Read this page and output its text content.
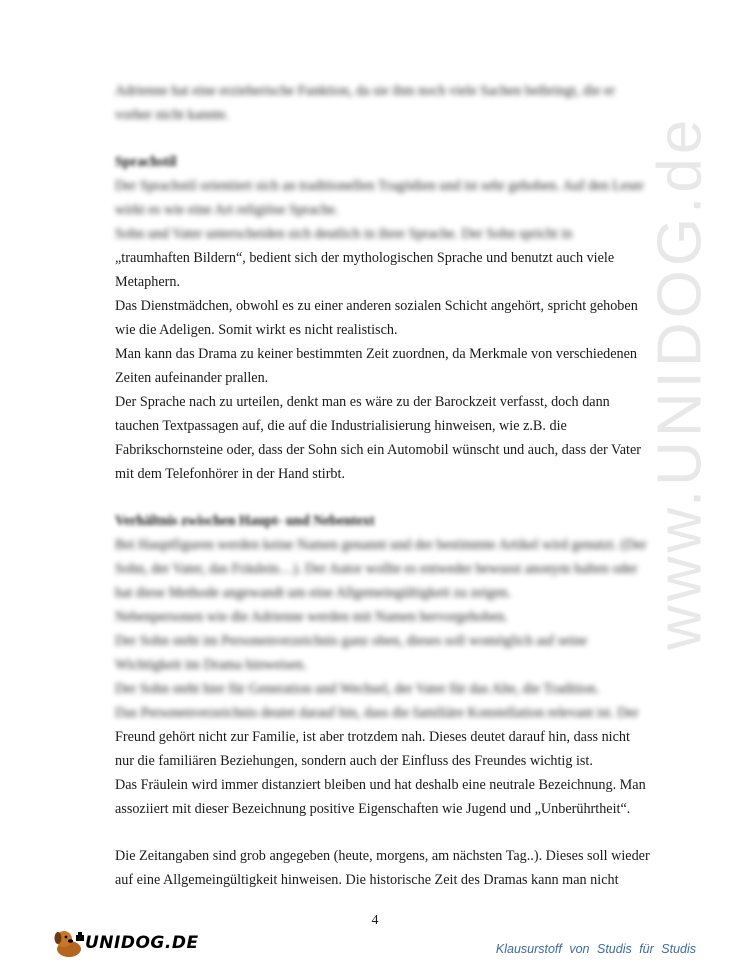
www.UNIDOG.de
Adrienne hat eine erzieherische Funktion, da sie ihm noch viele Sachen beibringt, die er
vorher nicht kannte.
Sprachstil
Der Sprachstil orientiert sich an traditionellen Tragödien und ist sehr gehoben. Auf den Leser
wirkt es wie eine Art religiöse Sprache.
Sohn und Vater unterscheiden sich deutlich in ihrer Sprache. Der Sohn spricht in
„traumhaften Bildern“, bedient sich der mythologischen Sprache und benutzt auch viele
Metaphern.
Das Dienstmädchen, obwohl es zu einer anderen sozialen Schicht angehört, spricht gehoben
wie die Adeligen. Somit wirkt es nicht realistisch.
Man kann das Drama zu keiner bestimmten Zeit zuordnen, da Merkmale von verschiedenen
Zeiten aufeinander prallen.
Der Sprache nach zu urteilen, denkt man es wäre zu der Barockzeit verfasst, doch dann
tauchen Textpassagen auf, die auf die Industrialisierung hinweisen, wie z.B. die
Fabrikschornsteine oder, dass der Sohn sich ein Automobil wünscht und auch, dass der Vater
mit dem Telefonhörer in der Hand stirbt.
Verhältnis zwischen Haupt- und Nebentext
Bei Hauptfiguren werden keine Namen genannt und der bestimmte Artikel wird genutzt. (Der
Sohn, der Vater, das Fräulein…). Der Autor wollte es entweder bewusst anonym halten oder
hat diese Methode angewandt um eine Allgemeingültigkeit zu zeigen.
Nebenpersonen wie die Adrienne werden mit Namen hervorgehoben.
Der Sohn steht im Personenverzeichnis ganz oben, dieses soll womöglich auf seine
Wichtigkeit im Drama hinweisen.
Der Sohn steht hier für Generation und Wechsel, der Vater für das Alte, die Tradition.
Das Personenverzeichnis deutet darauf hin, dass die familiäre Konstellation relevant ist. Der
Freund gehört nicht zur Familie, ist aber trotzdem nah. Dieses deutet darauf hin, dass nicht
nur die familiären Beziehungen, sondern auch der Einfluss des Freundes wichtig ist.
Das Fräulein wird immer distanziert bleiben und hat deshalb eine neutrale Bezeichnung. Man
assoziiert mit dieser Bezeichnung positive Eigenschaften wie Jugend und „Unberührtheit“.
Die Zeitangaben sind grob angegeben (heute, morgens, am nächsten Tag..). Dieses soll wieder
auf eine Allgemeingültigkeit hinweisen. Die historische Zeit des Dramas kann man nicht
4
UNIDOG.DE	Klausurstoff von Studis für Studis
